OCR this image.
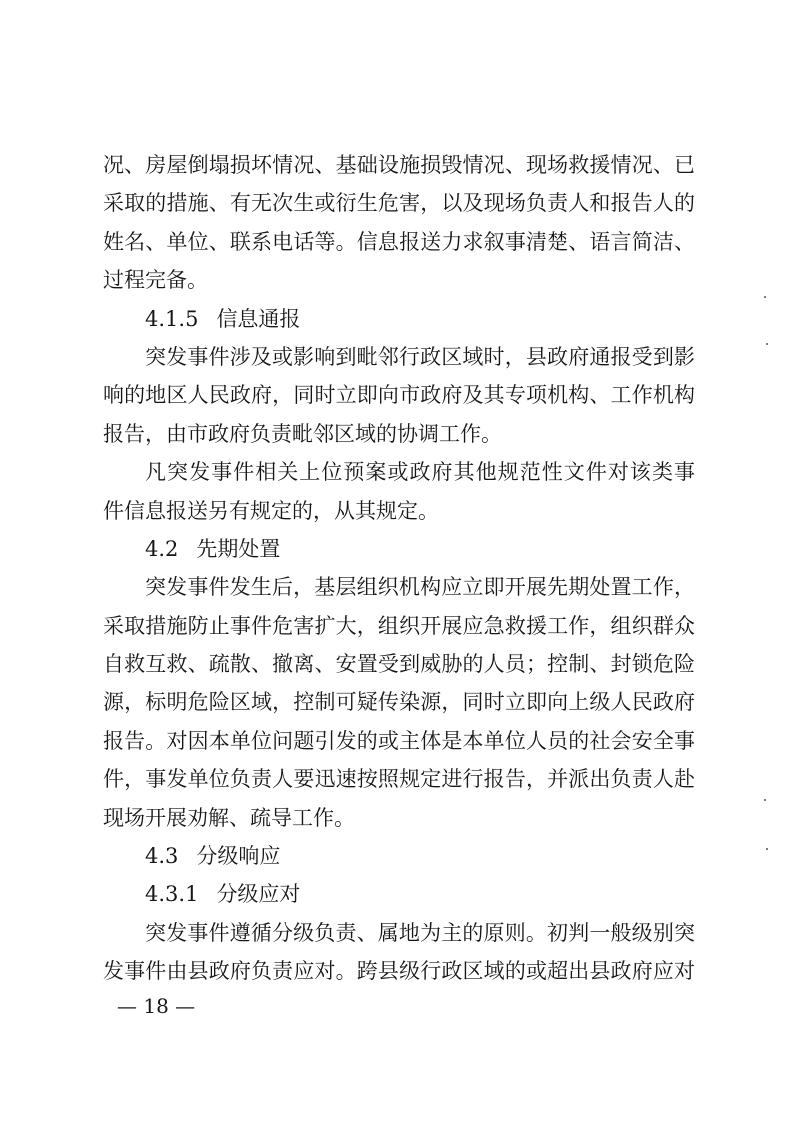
况、房屋倒塌损坏情况、基础设施损毁情况、现场救援情况、已
采取的措施、有无次生或衍生危害，以及现场负责人和报告人的
姓名、单位、联系电话等。信息报送力求叙事清楚、语言简洁、
过程完备。
4.1.5 信息通报
突发事件涉及或影响到毗邻行政区域时，县政府通报受到影
响的地区人民政府，同时立即向市政府及其专项机构、工作机构
报告，由市政府负责毗邻区域的协调工作。
凡突发事件相关上位预案或政府其他规范性文件对该类事
件信息报送另有规定的，从其规定。
4.2 先期处置
突发事件发生后，基层组织机构应立即开展先期处置工作，
采取措施防止事件危害扩大，组织开展应急救援工作，组织群众
自救互救、疏散、撤离、安置受到威胁的人员；控制、封锁危险
源，标明危险区域，控制可疑传染源，同时立即向上级人民政府
报告。对因本单位问题引发的或主体是本单位人员的社会安全事
件，事发单位负责人要迅速按照规定进行报告，并派出负责人赴
现场开展劝解、疏导工作。
4.3 分级响应
4.3.1 分级应对
突发事件遵循分级负责、属地为主的原则。初判一般级别突
发事件由县政府负责应对。跨县级行政区域的或超出县政府应对
— 18 —
